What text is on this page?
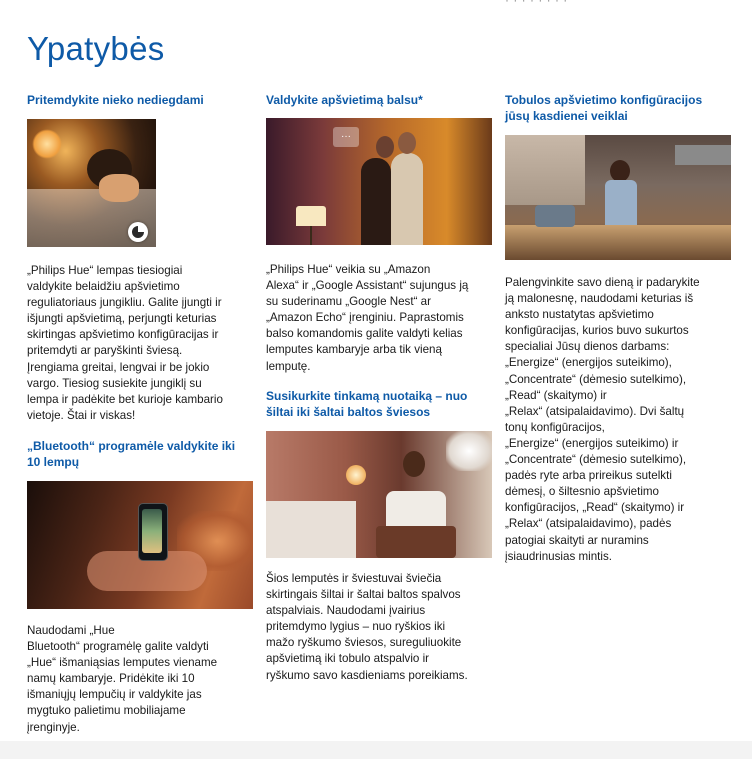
· · · · · · · ·
Ypatybės
Pritemdykite nieko nediegdami

„Philips Hue“ lempas tiesiogiai
valdykite belaidžiu apšvietimo
reguliatoriaus jungikliu. Galite įjungti ir
išjungti apšvietimą, perjungti keturias
skirtingas apšvietimo konfigūracijas ir
pritemdyti ar paryškinti šviesą.
Įrengiama greitai, lengvai ir be jokio
vargo. Tiesiog susiekite jungiklį su
lempa ir padėkite bet kurioje kambario
vietoje. Štai ir viskas!

„Bluetooth“ programėle valdykite iki
10 lempų

Naudodami „Hue
Bluetooth“ programėlę galite valdyti
„Hue“ išmaniąsias lemputes viename
namų kambaryje. Pridėkite iki 10
išmaniųjų lempučių ir valdykite jas
mygtuko palietimu mobiliajame
įrenginyje.

Valdykite apšvietimą balsu*
···

„Philips Hue“ veikia su „Amazon
Alexa“ ir „Google Assistant“ sujungus ją
su suderinamu „Google Nest“ ar
„Amazon Echo“ įrenginiu. Paprastomis
balso komandomis galite valdyti kelias
lemputes kambaryje arba tik vieną
lemputę.

Susikurkite tinkamą nuotaiką – nuo
šiltai iki šaltai baltos šviesos

Šios lemputės ir šviestuvai šviečia
skirtingais šiltai ir šaltai baltos spalvos
atspalviais. Naudodami įvairius
pritemdymo lygius – nuo ryškios iki
mažo ryškumo šviesos, sureguliuokite
apšvietimą iki tobulo atspalvio ir
ryškumo savo kasdieniams poreikiams.

Tobulos apšvietimo konfigūracijos
jūsų kasdienei veiklai

Palengvinkite savo dieną ir padarykite
ją malonesnę, naudodami keturias iš
anksto nustatytas apšvietimo
konfigūracijas, kurios buvo sukurtos
specialiai Jūsų dienos darbams:
„Energize“ (energijos suteikimo),
„Concentrate“ (dėmesio sutelkimo),
„Read“ (skaitymo) ir
„Relax“ (atsipalaidavimo). Dvi šaltų
tonų konfigūracijos,
„Energize“ (energijos suteikimo) ir
„Concentrate“ (dėmesio sutelkimo),
padės ryte arba prireikus sutelkti
dėmesį, o šiltesnio apšvietimo
konfigūracijos, „Read“ (skaitymo) ir
„Relax“ (atsipalaidavimo), padės
patogiai skaityti ar nuramins
įsiaudrinusias mintis.
